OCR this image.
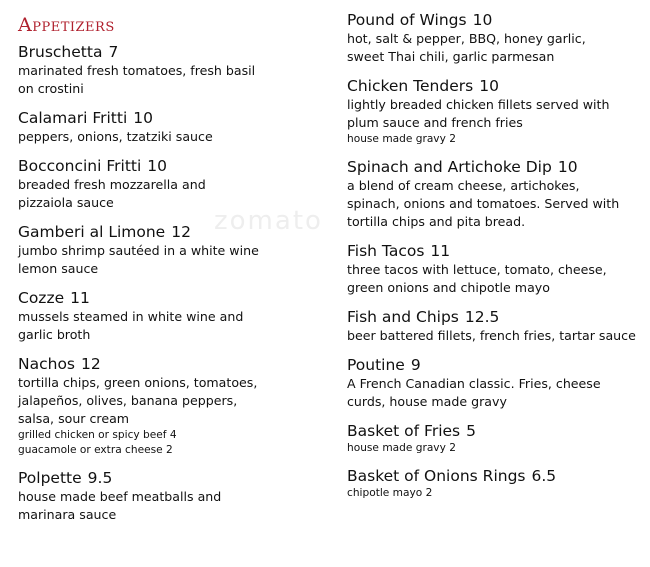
zomato
Appetizers
Bruschetta 7
marinated fresh tomatoes, fresh basil
on crostini
Calamari Fritti 10
peppers, onions, tzatziki sauce
Bocconcini Fritti 10
breaded fresh mozzarella and
pizzaiola sauce
Gamberi al Limone 12
jumbo shrimp sautéed in a white wine
lemon sauce
Cozze 11
mussels steamed in white wine and
garlic broth
Nachos 12
tortilla chips, green onions, tomatoes,
jalapeños, olives, banana peppers,
salsa, sour cream
grilled chicken or spicy beef 4
guacamole or extra cheese 2
Polpette 9.5
house made beef meatballs and
marinara sauce
Pound of Wings 10
hot, salt & pepper, BBQ, honey garlic,
sweet Thai chili, garlic parmesan
Chicken Tenders 10
lightly breaded chicken fillets served with
plum sauce and french fries
house made gravy 2
Spinach and Artichoke Dip 10
a blend of cream cheese, artichokes,
spinach, onions and tomatoes. Served with
tortilla chips and pita bread.
Fish Tacos 11
three tacos with lettuce, tomato, cheese,
green onions and chipotle mayo
Fish and Chips 12.5
beer battered fillets, french fries, tartar sauce
Poutine 9
A French Canadian classic. Fries, cheese
curds, house made gravy
Basket of Fries 5
house made gravy 2
Basket of Onions Rings 6.5
chipotle mayo 2
